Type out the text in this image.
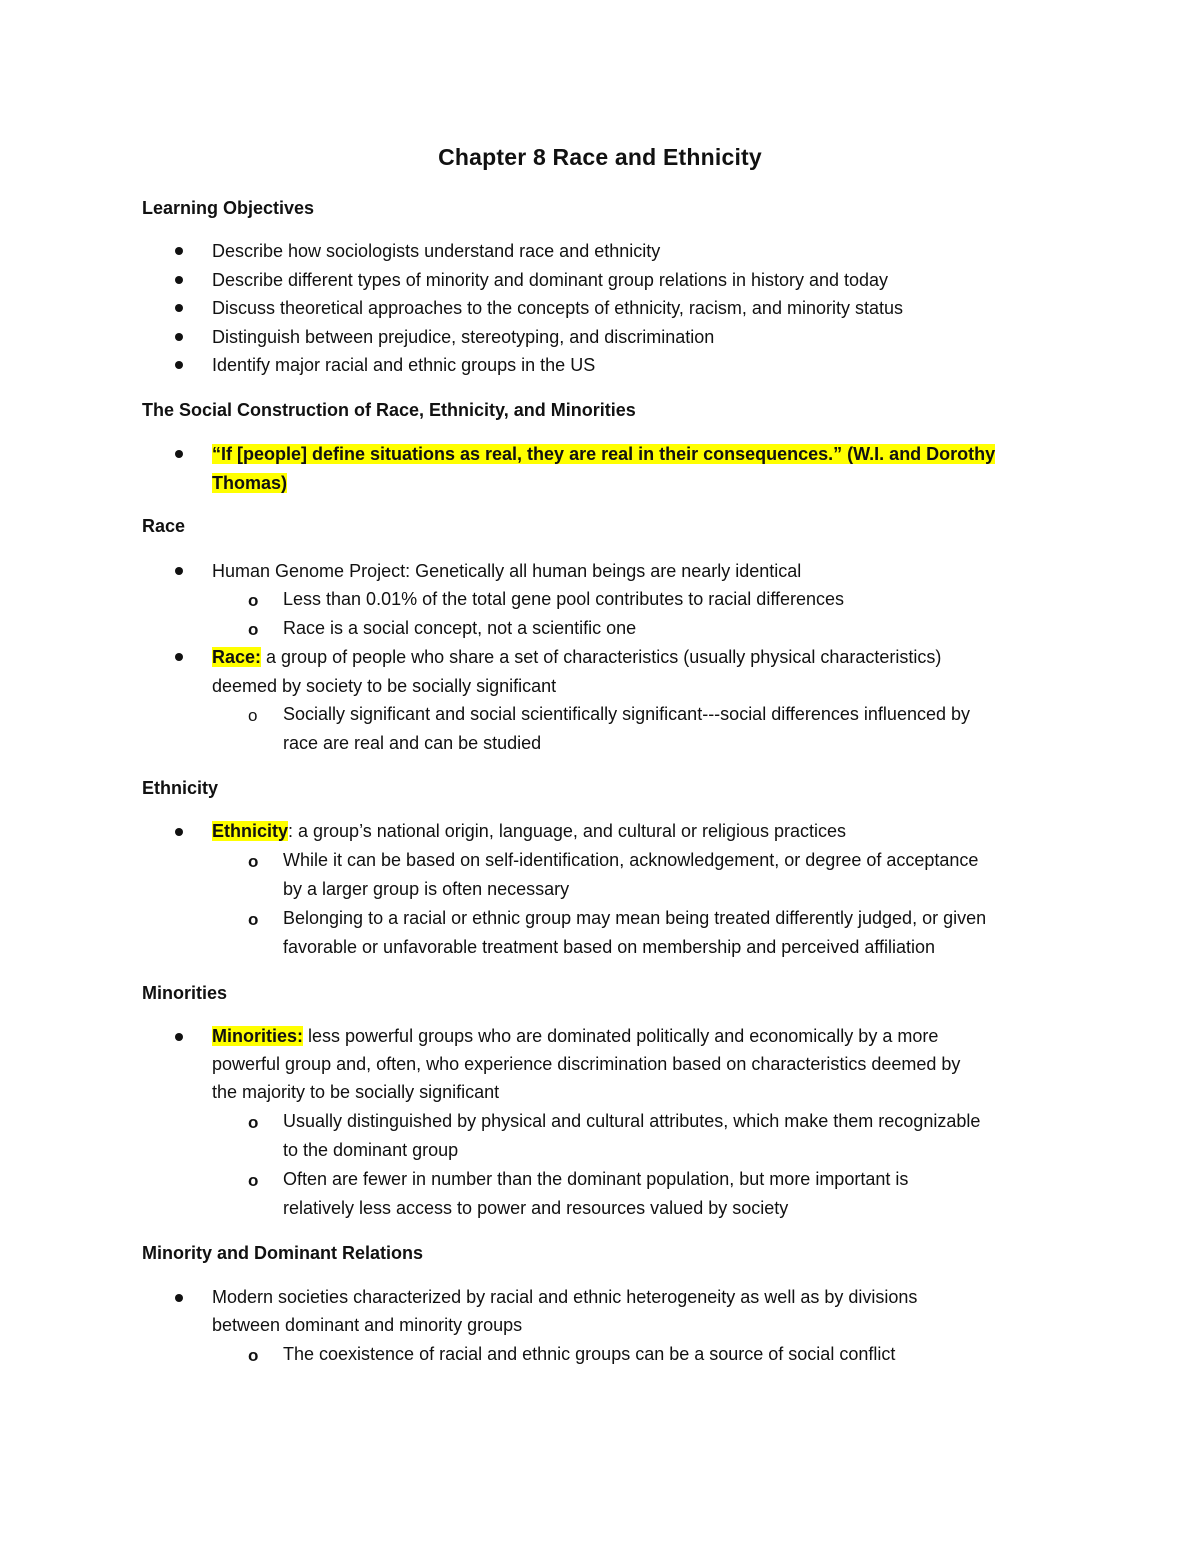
Chapter 8 Race and Ethnicity
Learning Objectives
Describe how sociologists understand race and ethnicity
Describe different types of minority and dominant group relations in history and today
Discuss theoretical approaches to the concepts of ethnicity, racism, and minority status
Distinguish between prejudice, stereotyping, and discrimination
Identify major racial and ethnic groups in the US
The Social Construction of Race, Ethnicity, and Minorities
“If [people] define situations as real, they are real in their consequences.” (W.I. and Dorothy
Thomas)
Race
Human Genome Project: Genetically all human beings are nearly identical
o Less than 0.01% of the total gene pool contributes to racial differences
o Race is a social concept, not a scientific one
Race: a group of people who share a set of characteristics (usually physical characteristics)
deemed by society to be socially significant
o Socially significant and social scientifically significant---social differences influenced by
race are real and can be studied
Ethnicity
Ethnicity: a group’s national origin, language, and cultural or religious practices
o While it can be based on self-identification, acknowledgement, or degree of acceptance
by a larger group is often necessary
o Belonging to a racial or ethnic group may mean being treated differently judged, or given
favorable or unfavorable treatment based on membership and perceived affiliation
Minorities
Minorities: less powerful groups who are dominated politically and economically by a more
powerful group and, often, who experience discrimination based on characteristics deemed by
the majority to be socially significant
o Usually distinguished by physical and cultural attributes, which make them recognizable
to the dominant group
o Often are fewer in number than the dominant population, but more important is
relatively less access to power and resources valued by society
Minority and Dominant Relations
Modern societies characterized by racial and ethnic heterogeneity as well as by divisions
between dominant and minority groups
o The coexistence of racial and ethnic groups can be a source of social conflict
